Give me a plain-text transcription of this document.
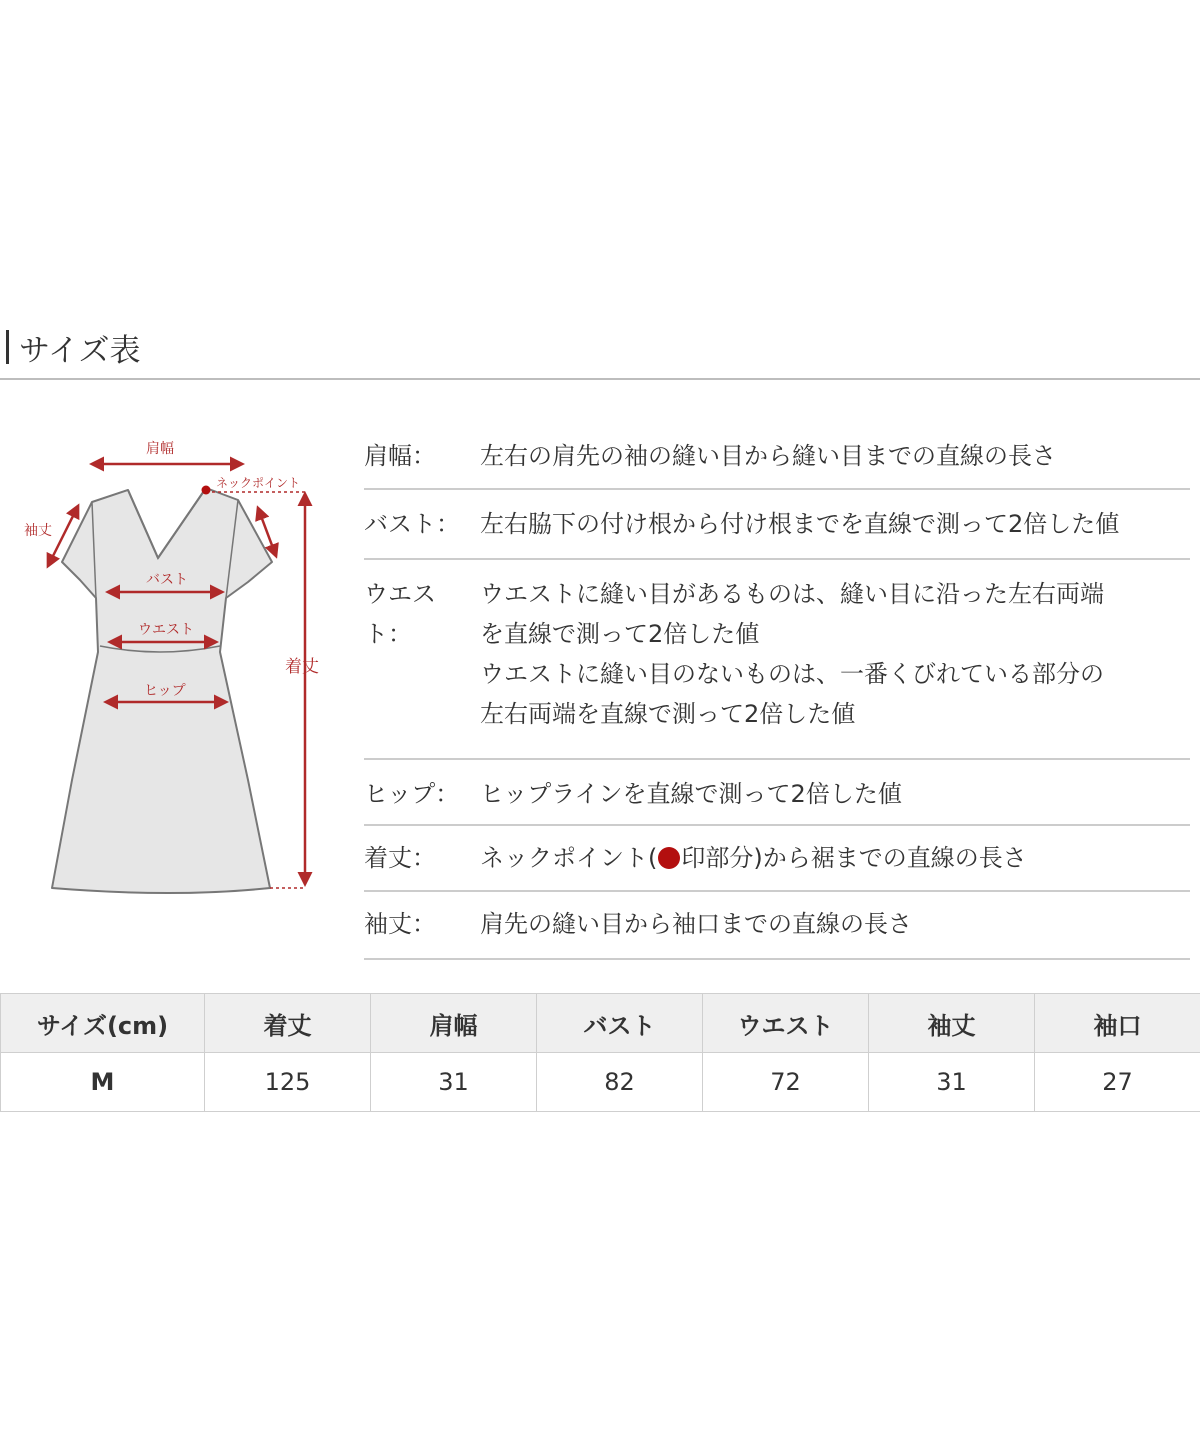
サイズ表
肩幅
ネックポイント
袖丈
バスト
ウエスト
ヒップ
着丈
肩幅：	左右の肩先の袖の縫い目から縫い目までの直線の長さ
バスト： 左右脇下の付け根から付け根までを直線で測って2倍した値
ウエスト：
ウエストに縫い目があるものは、縫い目に沿った左右両端
を直線で測って2倍した値
ウエストに縫い目のないものは、一番くびれている部分の
左右両端を直線で測って2倍した値
ヒップ： ヒップラインを直線で測って2倍した値
着丈：	ネックポイント( 印部分)から裾までの直線の長さ
袖丈：	肩先の縫い目から袖口までの直線の長さ
サイズ(cm)	着丈	肩幅	バスト	ウエスト	袖丈	袖口
M	125	31	82	72	31	27
